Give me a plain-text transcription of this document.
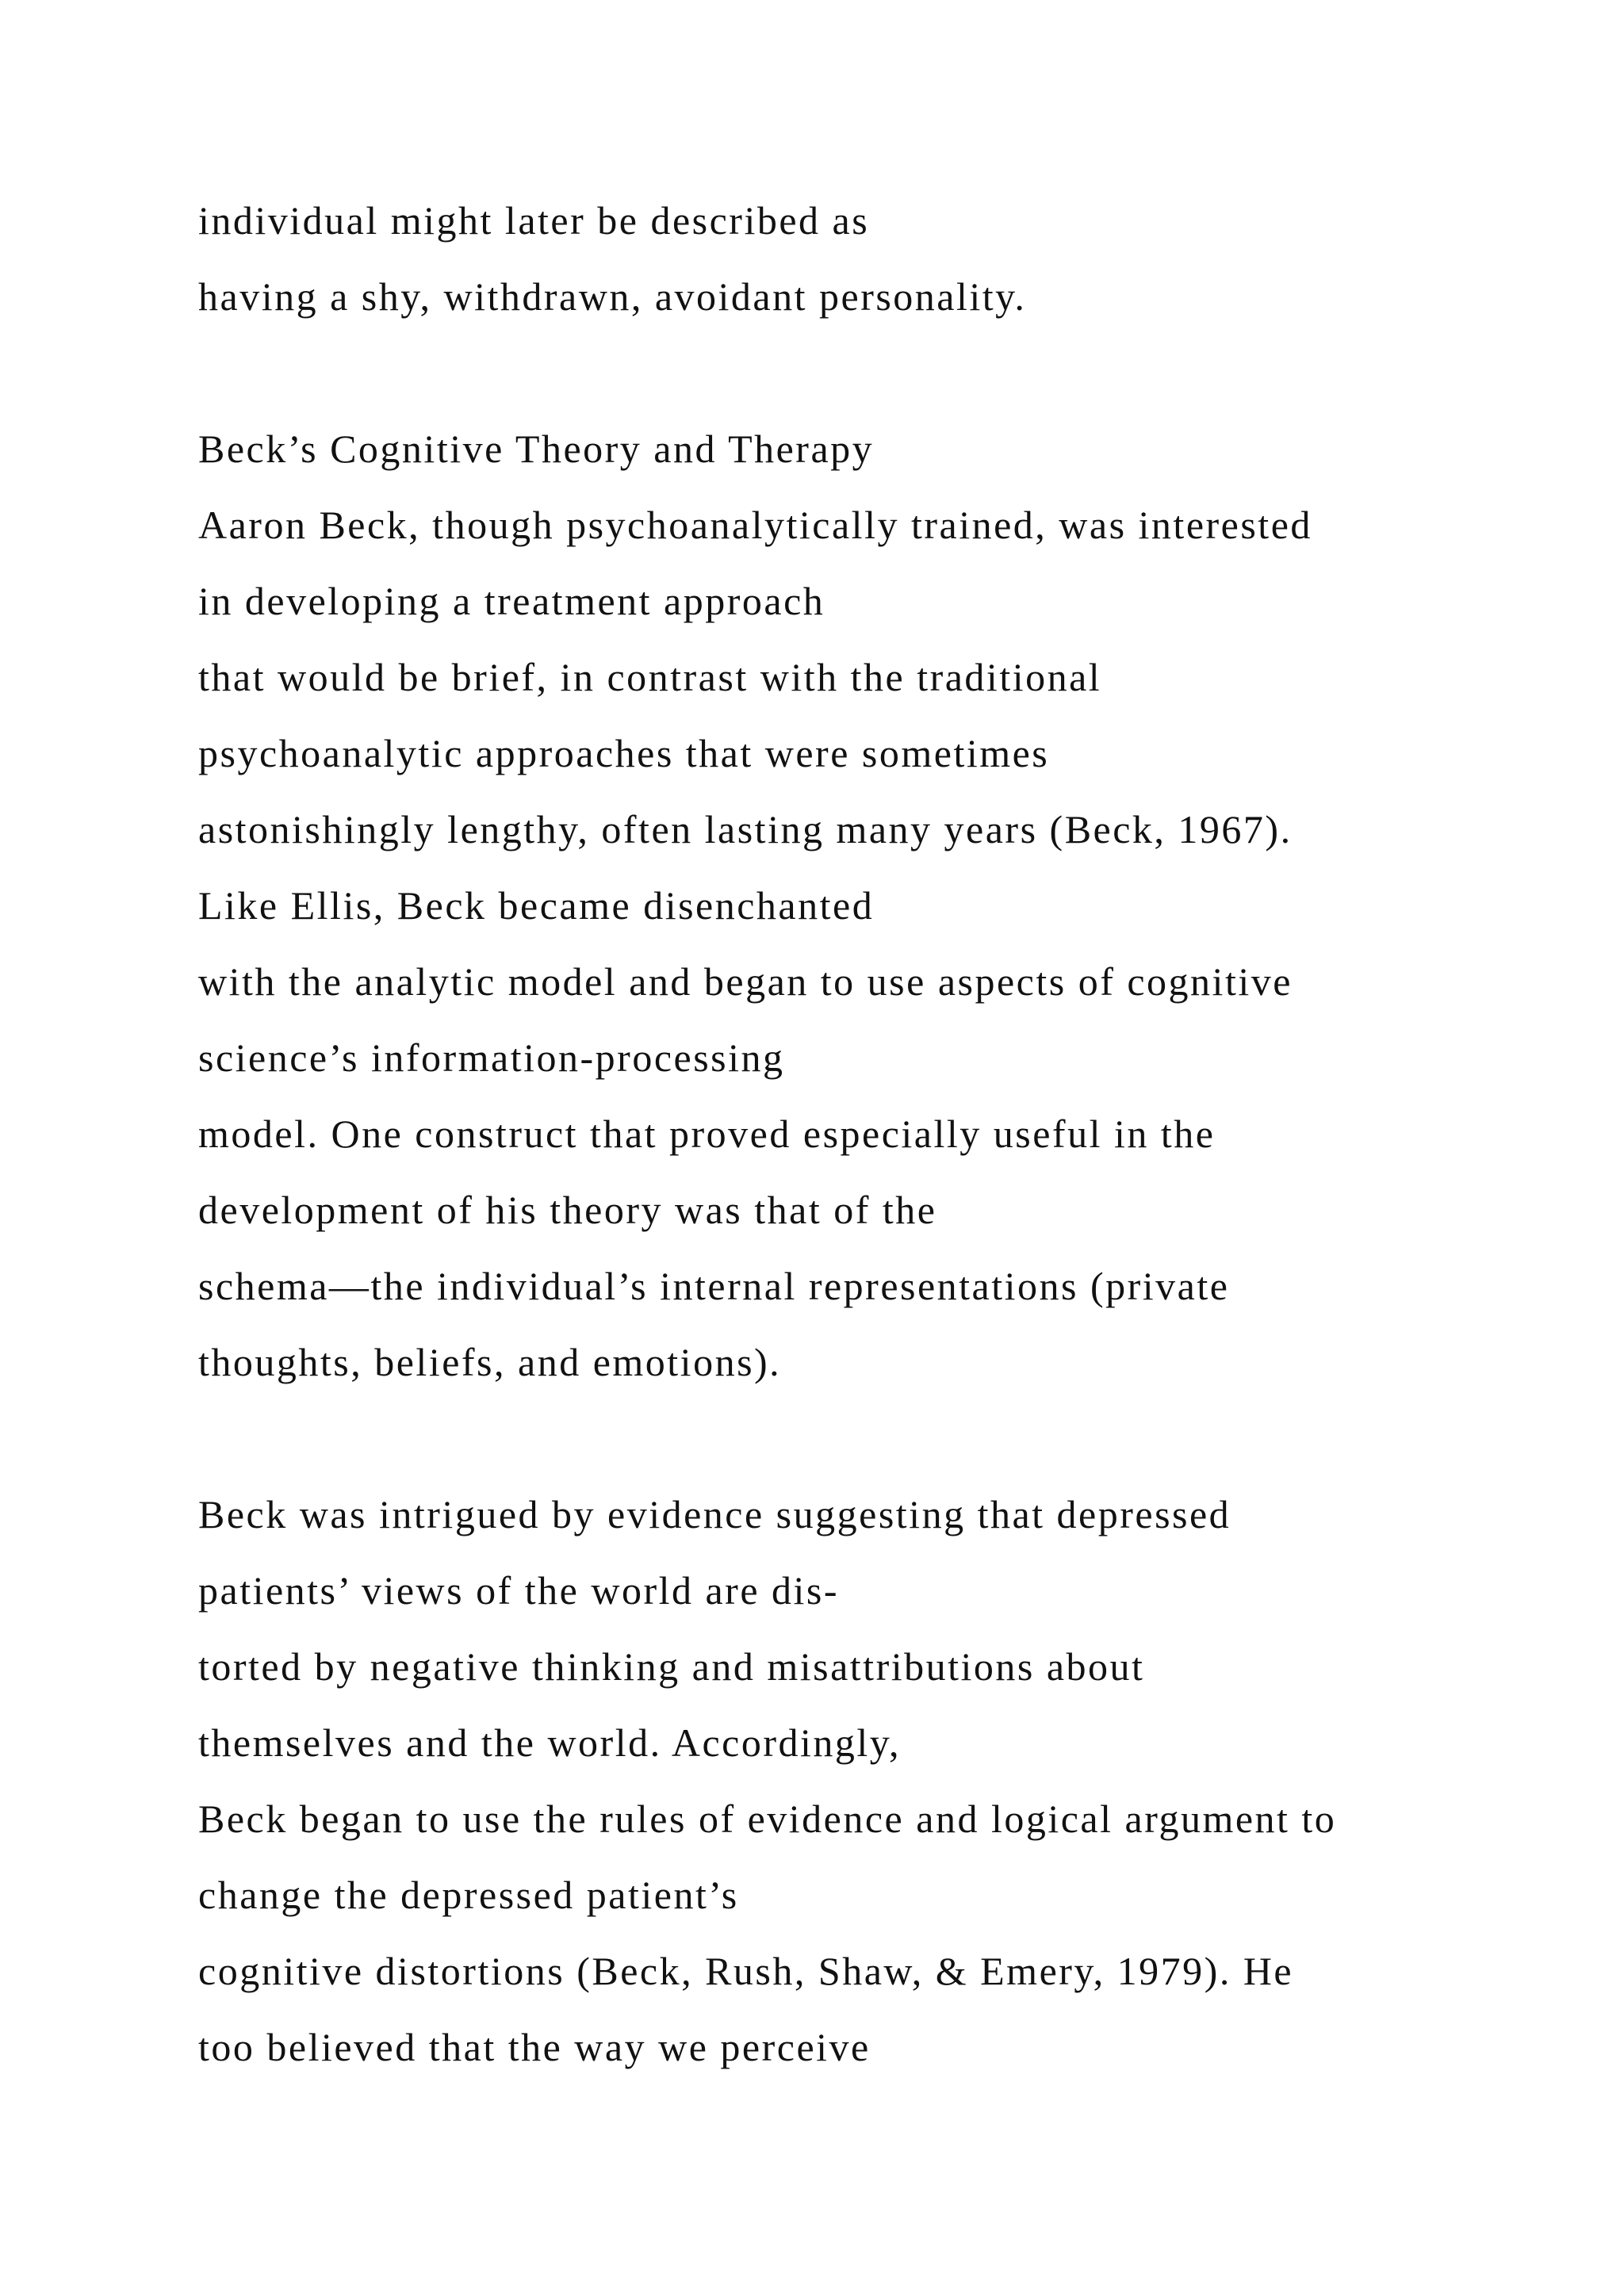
individual might later be described as
having a shy, withdrawn, avoidant personality.
Beck’s Cognitive Theory and Therapy
Aaron Beck, though psychoanalytically trained, was interested
in developing a treatment approach
that would be brief, in contrast with the traditional
psychoanalytic approaches that were sometimes
astonishingly lengthy, often lasting many years (Beck, 1967).
Like Ellis, Beck became disenchanted
with the analytic model and began to use aspects of cognitive
science’s information-processing
model. One construct that proved especially useful in the
development of his theory was that of the
schema—the individual’s internal representations (private
thoughts, beliefs, and emotions).
Beck was intrigued by evidence suggesting that depressed
patients’ views of the world are dis-
torted by negative thinking and misattributions about
themselves and the world. Accordingly,
Beck began to use the rules of evidence and logical argument to
change the depressed patient’s
cognitive distortions (Beck, Rush, Shaw, & Emery, 1979). He
too believed that the way we perceive
